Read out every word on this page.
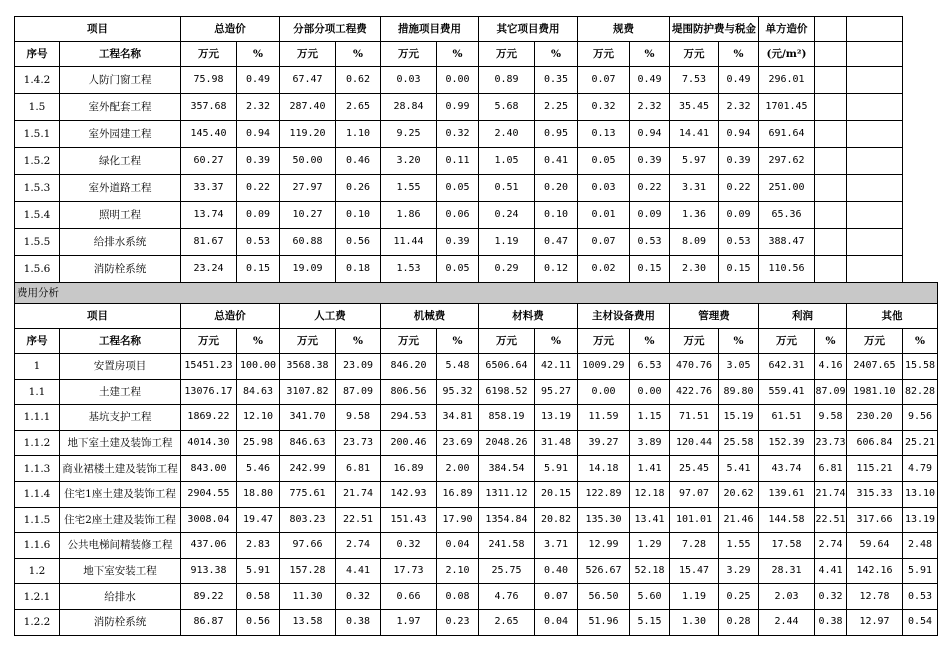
项目		总造价		分部分项工程费		措施项目费用		其它项目费用		规费		堤围防护费与税金		单方造价			
序号	工程名称	万元	%	万元	%	万元	%	万元	%	万元	%	万元	%	(元/m²)			
1.4.2	人防门窗工程	75.98	0.49	67.47	0.62	0.03	0.00	0.89	0.35	0.07	0.49	7.53	0.49	296.01			
1.5	室外配套工程	357.68	2.32	287.40	2.65	28.84	0.99	5.68	2.25	0.32	2.32	35.45	2.32	1701.45			
1.5.1	室外园建工程	145.40	0.94	119.20	1.10	9.25	0.32	2.40	0.95	0.13	0.94	14.41	0.94	691.64			
1.5.2	绿化工程	60.27	0.39	50.00	0.46	3.20	0.11	1.05	0.41	0.05	0.39	5.97	0.39	297.62			
1.5.3	室外道路工程	33.37	0.22	27.97	0.26	1.55	0.05	0.51	0.20	0.03	0.22	3.31	0.22	251.00			
1.5.4	照明工程	13.74	0.09	10.27	0.10	1.86	0.06	0.24	0.10	0.01	0.09	1.36	0.09	65.36			
1.5.5	给排水系统	81.67	0.53	60.88	0.56	11.44	0.39	1.19	0.47	0.07	0.53	8.09	0.53	388.47			
1.5.6	消防栓系统	23.24	0.15	19.09	0.18	1.53	0.05	0.29	0.12	0.02	0.15	2.30	0.15	110.56			
费用分析																	
项目		总造价		人工费		机械费		材料费		主材设备费用		管理费		利润		其他	
序号	工程名称	万元	%	万元	%	万元	%	万元	%	万元	%	万元	%	万元	%	万元	%
1	安置房项目	15451.23	100.00	3568.38	23.09	846.20	5.48	6506.64	42.11	1009.29	6.53	470.76	3.05	642.31	4.16	2407.65	15.58
1.1	土建工程	13076.17	84.63	3107.82	87.09	806.56	95.32	6198.52	95.27	0.00	0.00	422.76	89.80	559.41	87.09	1981.10	82.28
1.1.1	基坑支护工程	1869.22	12.10	341.70	9.58	294.53	34.81	858.19	13.19	11.59	1.15	71.51	15.19	61.51	9.58	230.20	9.56
1.1.2	地下室土建及装饰工程	4014.30	25.98	846.63	23.73	200.46	23.69	2048.26	31.48	39.27	3.89	120.44	25.58	152.39	23.73	606.84	25.21
1.1.3	商业裙楼土建及装饰工程	843.00	5.46	242.99	6.81	16.89	2.00	384.54	5.91	14.18	1.41	25.45	5.41	43.74	6.81	115.21	4.79
1.1.4	住宅1座土建及装饰工程	2904.55	18.80	775.61	21.74	142.93	16.89	1311.12	20.15	122.89	12.18	97.07	20.62	139.61	21.74	315.33	13.10
1.1.5	住宅2座土建及装饰工程	3008.04	19.47	803.23	22.51	151.43	17.90	1354.84	20.82	135.30	13.41	101.01	21.46	144.58	22.51	317.66	13.19
1.1.6	公共电梯间精装修工程	437.06	2.83	97.66	2.74	0.32	0.04	241.58	3.71	12.99	1.29	7.28	1.55	17.58	2.74	59.64	2.48
1.2	地下室安装工程	913.38	5.91	157.28	4.41	17.73	2.10	25.75	0.40	526.67	52.18	15.47	3.29	28.31	4.41	142.16	5.91
1.2.1	给排水	89.22	0.58	11.30	0.32	0.66	0.08	4.76	0.07	56.50	5.60	1.19	0.25	2.03	0.32	12.78	0.53
1.2.2	消防栓系统	86.87	0.56	13.58	0.38	1.97	0.23	2.65	0.04	51.96	5.15	1.30	0.28	2.44	0.38	12.97	0.54
